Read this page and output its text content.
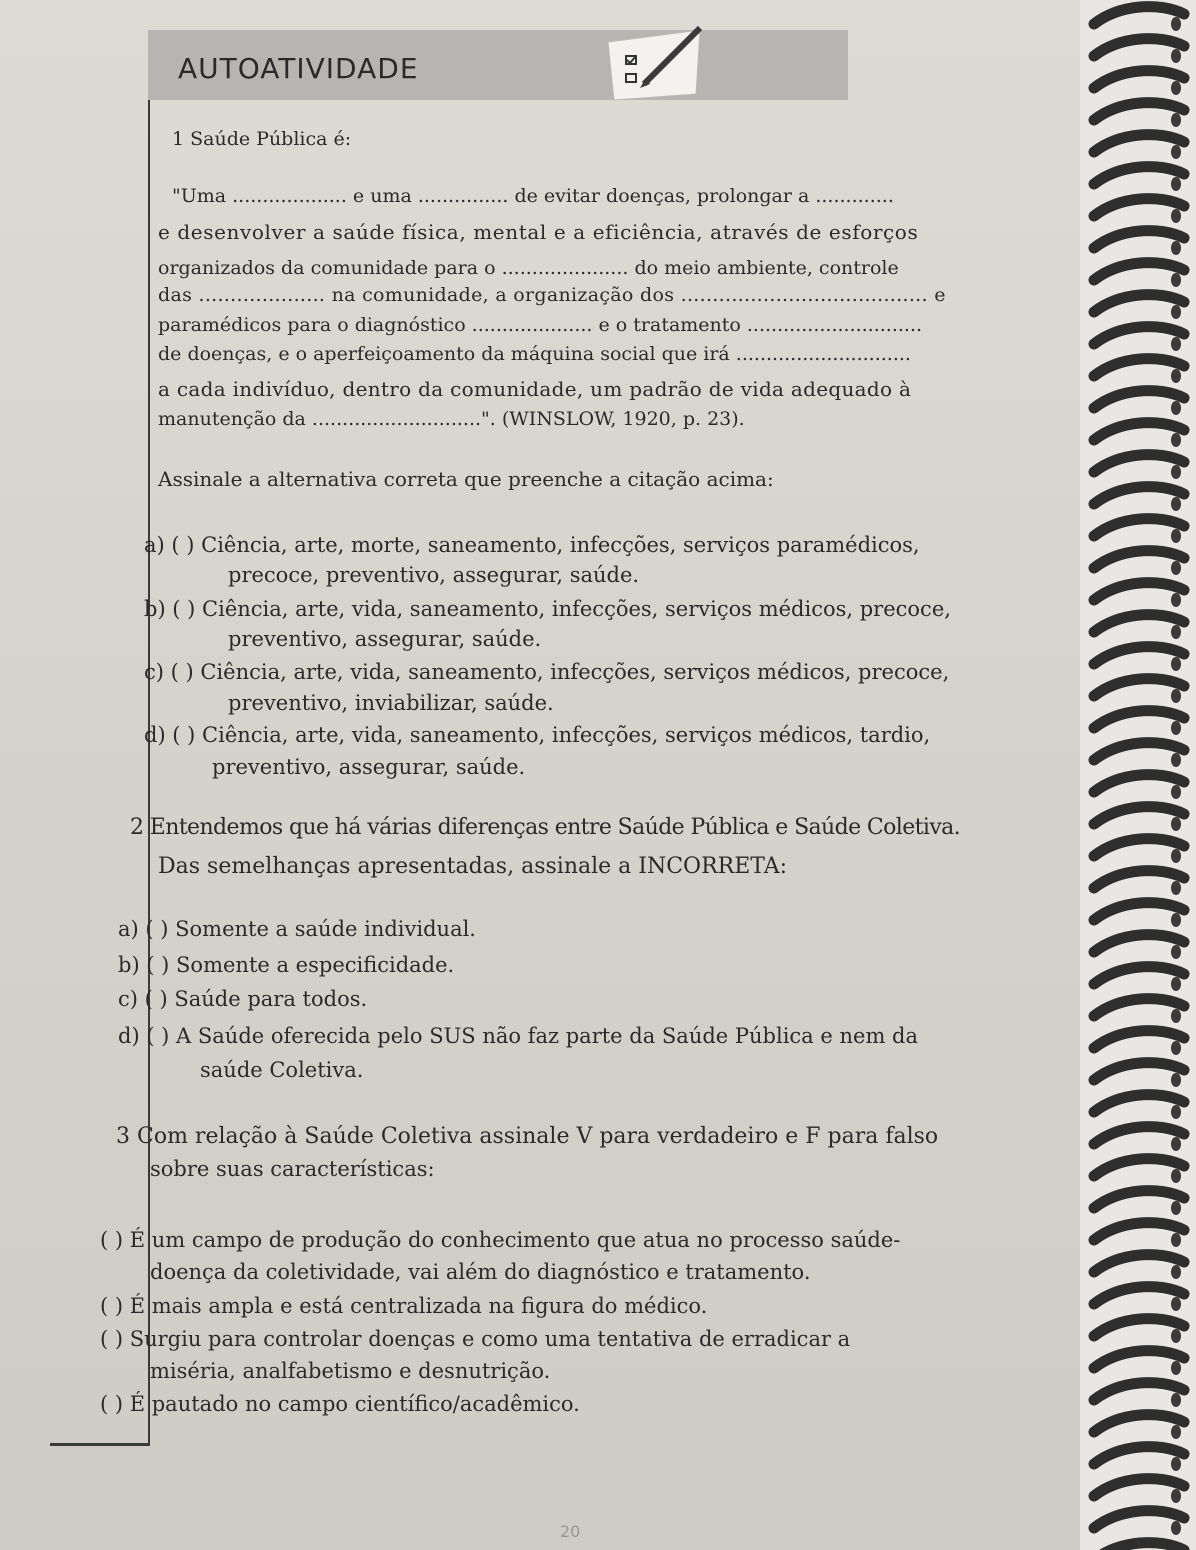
AUTOATIVIDADE
1 Saúde Pública é:
"Uma ................... e uma ............... de evitar doenças, prolongar a .............
e desenvolver a saúde física, mental e a eficiência, através de esforços
organizados da comunidade para o ..................... do meio ambiente, controle
das .................... na comunidade, a organização dos ....................................... e
paramédicos para o diagnóstico .................... e o tratamento .............................
de doenças, e o aperfeiçoamento da máquina social que irá .............................
a cada indivíduo, dentro da comunidade, um padrão de vida adequado à
manutenção da ............................". (WINSLOW, 1920, p. 23).
Assinale a alternativa correta que preenche a citação acima:
a) ( ) Ciência, arte, morte, saneamento, infecções, serviços paramédicos,
precoce, preventivo, assegurar, saúde.
b) ( ) Ciência, arte, vida, saneamento, infecções, serviços médicos, precoce,
preventivo, assegurar, saúde.
c) ( ) Ciência, arte, vida, saneamento, infecções, serviços médicos, precoce,
preventivo, inviabilizar, saúde.
d) ( ) Ciência, arte, vida, saneamento, infecções, serviços médicos, tardio,
preventivo, assegurar, saúde.
2 Entendemos que há várias diferenças entre Saúde Pública e Saúde Coletiva.
Das semelhanças apresentadas, assinale a INCORRETA:
a) ( ) Somente a saúde individual.
b) ( ) Somente a especificidade.
c) ( ) Saúde para todos.
d) ( ) A Saúde oferecida pelo SUS não faz parte da Saúde Pública e nem da
saúde Coletiva.
3 Com relação à Saúde Coletiva assinale V para verdadeiro e F para falso
sobre suas características:
( ) É um campo de produção do conhecimento que atua no processo saúde-
doença da coletividade, vai além do diagnóstico e tratamento.
( ) É mais ampla e está centralizada na figura do médico.
( ) Surgiu para controlar doenças e como uma tentativa de erradicar a
miséria, analfabetismo e desnutrição.
( ) É pautado no campo científico/acadêmico.
20
